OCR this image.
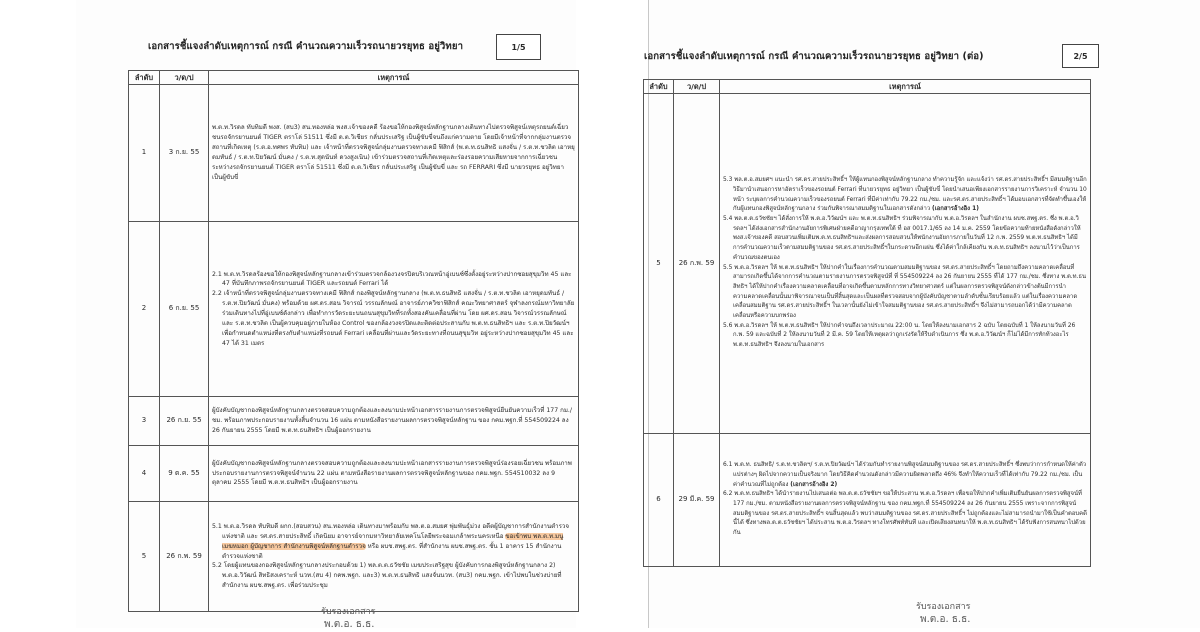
เอกสารชี้แจงลำดับเหตุการณ์ กรณี คำนวณความเร็วรถนายวรยุทธ อยู่วิทยา	1/5
ลำดับ	ว/ด/ป	เหตุการณ์
1	3 ก.ย. 55	พ.ต.ท.วิรดล ทับทิมดี พงส. (สบ3) สน.ทองหล่อ พงส.เจ้าของคดี ร้องขอให้กองพิสูจน์หลักฐานกลางเดินทางไปตรวจพิสูจน์เหตุรถยนต์เฉี่ยวชนรถจักรยานยนต์ TIGER ตราโล่ 51511 ซึ่งมี ด.ต.วิเชียร กลั่นประเสริฐ เป็นผู้ขับขี่จนถึงแก่ความตาย โดยมีเจ้าหน้าที่จากกลุ่มงานตรวจสถานที่เกิดเหตุ (ร.ต.อ.ทศพร ทับทิม) และ เจ้าหน้าที่ตรวจพิสูจน์กลุ่มงานตรวจทางเคมี ฟิสิกส์ (พ.ต.ท.ธนสิทธิ แสงจั่น / ร.ต.ท.ชวลิต เอาหยุดมทันธ์ / ร.ต.ท.ปิยวัฒน์ มั่นคง / ร.ต.ท.สุดนันท์ ดวงสูงเนิน) เข้าร่วมตรวจสถานที่เกิดเหตุและร่องรอยความเสียหายจากการเฉี่ยวชน ระหว่างรถจักรยานยนต์ TIGER ตราโล่ 51511 ซึ่งมี ด.ต.วิเชียร กลั่นประเสริฐ เป็นผู้ขับขี่ และ รถ FERRARI ซึ่งมี นายวรยุทธ อยู่วิทยา เป็นผู้ขับขี่

2	6 ก.ย. 55	2.1 พ.ต.ท.วิรดลร้องขอให้กองพิสูจน์หลักฐานกลางเข้าร่วมตรวจกล้องวงจรปิดบริเวณหน้าอู่เบนซ์ซึ่งตั้งอยู่ระหว่างปากซอยสุขุมวิท 45 และ 47 ที่บันทึกภาพรถจักรยานยนต์ TIGER และรถยนต์ Ferrari ได้

2.2 เจ้าหน้าที่ตรวจพิสูจน์กลุ่มงานตรวจทางเคมี ฟิสิกส์ กองพิสูจน์หลักฐานกลาง (พ.ต.ท.ธนสิทธิ แสงจั่น / ร.ต.ท.ชวลิต เอาหยุดมทันธ์ / ร.ต.ท.ปิยวัฒน์ มั่นคง) พร้อมด้วย ผศ.ดร.สอน วิจารณ์ วรรณลักษณ์ อาจารย์ภาควิชาฟิสิกส์ คณะวิทยาศาสตร์ จุฬาลงกรณ์มหาวิทยาลัย ร่วมเดินทางไปที่อู่เบนซ์ดังกล่าว เพื่อทำการวัดระยะบนถนนสุขุมวิทที่รถทั้งสองคันเคลื่อนที่ผ่าน โดย ผศ.ดร.สอน วิจารณ์วรรณลักษณ์ และ ร.ต.ท.ชวลิต เป็นผู้ควบคุมอยู่ภายในห้อง Control ของกล้องวงจรปิดและติดต่อประสานกับ พ.ต.ท.ธนสิทธิฯ และ ร.ต.ท.ปิยวัฒน์ฯ เพื่อกำหนดตำแหน่งที่ตรงกับตำแหน่งที่รถยนต์ Ferrari เคลื่อนที่ผ่านและวัดระยะทางที่ถนนสุขุมวิท อยู่ระหว่างปากซอยสุขุมวิท 45 และ 47 ได้ 31 เมตร

3	26 ก.ย. 55	ผู้บังคับบัญชากองพิสูจน์หลักฐานกลางตรวจสอบความถูกต้องและลงนามปะหน้าเอกสารรายงานการตรวจพิสูจน์ยืนยันความเร็วที่ 177 กม./ชม. พร้อมภาพประกอบรายงานทั้งสิ้นจำนวน 16 แผ่น ตามหนังสือรายงานผลการตรวจพิสูจน์หลักฐาน ของ กคม.พฐก.ที่ 554509224 ลง 26 กันยายน 2555 โดยมี พ.ต.ท.ธนสิทธิฯ เป็นผู้ออกรายงาน

4	9 ต.ค. 55	ผู้บังคับบัญชากองพิสูจน์หลักฐานกลางตรวจสอบความถูกต้องและลงนามปะหน้าเอกสารรายงานการตรวจพิสูจน์ร่องรอยเฉี่ยวชน พร้อมภาพประกอบรายงานการตรวจพิสูจน์จำนวน 22 แผ่น ตามหนังสือรายงานผลการตรวจพิสูจน์หลักฐานของ กคม.พฐก. 554510032 ลง 9 ตุลาคม 2555 โดยมี พ.ต.ท.ธนสิทธิฯ เป็นผู้ออกรายงาน

5	26 ก.พ. 59	5.1 พ.ต.อ.วิรดล ทับทิมดี ผกก.(สอบสวน) สน.ทองหล่อ เดินทางมาพร้อมกับ พล.ต.อ.สมยศ พุ่มพันธุ์ม่วง อดีตผู้บัญชาการสำนักงานตำรวจแห่งชาติ และ รศ.ดร.สายประสิทธิ์ เกิดนิยม อาจารย์จากมหาวิทยาลัยเทคโนโลยีพระจอมเกล้าพระนครเหนือ ขอเข้าพบ พล.ต.ท.มนู เมฆหมอก ผู้บัญชาการ สำนักงานพิสูจน์หลักฐานตำรวจ หรือ ผบช.สพฐ.ตร. ที่สำนักงาน ผบช.สพฐ.ตร. ชั้น 1 อาคาร 15 สำนักงานตำรวจแห่งชาติ

5.2 โดยผู้แทนของกองพิสูจน์หลักฐานกลางประกอบด้วย 1) พล.ต.ต.ธวัชชัย เมฆประเสริฐสุข ผู้บังคับการกองพิสูจน์หลักฐานกลาง 2) พ.ต.อ.วิวัฒน์ สิทธิสงเคราะห์ นวท.(สบ 4) กคพ.พฐก. และ3) พ.ต.ท.ธนสิทธิ แสงจั่นนวท. (สบ3) กคม.พฐก. เข้าไปพบในช่วงบ่ายที่สำนักงาน ผบช.สพฐ.ตร. เพื่อร่วมประชุม

รับรองเอกสาร
พ.ต.อ. ธ.ธ.
เอกสารชี้แจงลำดับเหตุการณ์ กรณี คำนวณความเร็วรถนายวรยุทธ อยู่วิทยา (ต่อ)	2/5
ลำดับ	ว/ด/ป	เหตุการณ์
5	26 ก.พ. 59	5.3 พล.ต.อ.สมยศฯ แนะนำ รศ.ดร.สายประสิทธิ์ฯ ให้ผู้แทนกองพิสูจน์หลักฐานกลาง ทำความรู้จัก และแจ้งว่า รศ.ดร.สายประสิทธิ์ฯ มีสมมติฐานอีกวิธีมานำเสนอการหาอัตราเร็วของรถยนต์ Ferrari ที่นายวรยุทธ อยู่วิทยา เป็นผู้ขับขี่ โดยนำเสนอเพียงเอกสารรายงานการวิเคราะห์ จำนวน 10 หน้า ระบุผลการคำนวณความเร็วของรถยนต์ Ferrari ที่มีค่าเท่ากับ 79.22 กม./ชม. และรศ.ดร.สายประสิทธิ์ฯ ได้มอบเอกสารที่จัดทำขึ้นเองให้กับผู้แทนกองพิสูจน์หลักฐานกลาง ร่วมกันพิจารณาสมมติฐานในเอกสารดังกล่าว (เอกสารอ้างอิง 1)

5.4 พล.ต.ต.ธวัชชัยฯ ได้สั่งการให้ พ.ต.อ.วิวัฒน์ฯ และ พ.ต.ท.ธนสิทธิฯ ร่วมพิจารณากับ พ.ต.อ.วิรดลฯ ในสำนักงาน ผบช.สพฐ.ตร. ซึ่ง พ.ต.อ.วิรดลฯ ได้ส่งเอกสารสำนักงานอัยการพิเศษฝ่ายคดีอาญากรุงเทพใต้ ที่ อส 0017.1/65 ลง 14 ม.ค. 2559 โดยข้อความท้ายหนังสือดังกล่าวให้ พงส.เจ้าของคดี สอบสวนเพิ่มเติมพ.ต.ท.ธนสิทธิฯและส่งผลการสอบสวนให้พนักงานอัยการภายในวันที่ 12 ก.พ. 2559 พ.ต.ท.ธนสิทธิฯ ได้มีการคำนวณความเร็วตามสมมติฐานของ รศ.ดร.สายประสิทธิ์ฯในกระดาษอีกแผ่น ซึ่งได้ค่าใกล้เคียงกัน พ.ต.ท.ธนสิทธิฯ ลงนามไว้ว่าเป็นการคำนวณของตนเอง

5.5 พ.ต.อ.วิรดลฯ ให้ พ.ต.ท.ธนสิทธิฯ ให้ปากคำในเรื่องการคำนวณตามสมมติฐานของ รศ.ดร.สายประสิทธิ์ฯ โดยถามถึงความคลาดเคลื่อนที่สามารถเกิดขึ้นได้จากการคำนวณตามรายงานการตรวจพิสูจน์ที่ ที่ 554509224 ลง 26 กันยายน 2555 ที่ได้ 177 กม./ชม. ซึ่งทาง พ.ต.ท.ธนสิทธิฯ ได้ให้ปากคำเรื่องความคลาดเคลื่อนที่อาจเกิดขึ้นตามหลักการทางวิทยาศาสตร์ แต่ในผลการตรวจพิสูจน์ดังกล่าวข้างต้นมีการนำความคลาดเคลื่อนนั้นมาพิจารณาจนเป็นที่สิ้นสุดและเป็นผลที่ตรวจสอบจากผู้บังคับบัญชาตามลำดับชั้นเรียบร้อยแล้ว แต่ในเรื่องความคลาดเคลื่อนสมมติฐาน รศ.ดร.สายประสิทธิ์ฯ ในเวลานั้นยังไม่เข้าใจสมมติฐานของ รศ.ดร.สายประสิทธิ์ฯ จึงไม่สามารถบอกได้ว่ามีความคลาดเคลื่อนหรือความบกพร่อง

5.6 พ.ต.อ.วิรดลฯ ให้ พ.ต.ท.ธนสิทธิฯ ให้ปากคำจนถึงเวลาประมาณ 22:00 น. โดยให้ลงนามเอกสาร 2 ฉบับ โดยฉบับที่ 1 ให้ลงนามวันที่ 26 ก.พ. 59 และฉบับที่ 2 ให้ลงนามวันที่ 2 มี.ค. 59 โดยให้เหตุผลว่าถูกเร่งรัดให้รีบดำเนินการ ซึ่ง พ.ต.อ.วิวัฒน์ฯ ก็ไม่ได้มีการทักท้วงอะไร พ.ต.ท.ธนสิทธิฯ จึงลงนามในเอกสาร

6	29 มี.ค. 59	6.1 พ.ต.ท. ธนสิทธิ/ ร.ต.ท.ชวลิตฯ/ ร.ต.ท.ปิยวัฒน์ฯ ได้ร่วมกันทำรายงานพิสูจน์สมมติฐานของ รศ.ดร.สายประสิทธิ์ฯ ซึ่งพบว่าการกำหนดให้ค่าตัวแปรต่างๆ ผิดไปจากความเป็นจริงมาก โดยวิธีคิดคำนวณดังกล่าวมีความผิดพลาดถึง 46% จึงทำให้ความเร็วที่ได้เท่ากับ 79.22 กม./ชม. เป็นค่าคำนวณที่ไม่ถูกต้อง (เอกสารอ้างอิง 2)

6.2 พ.ต.ท.ธนสิทธิฯ ได้นำรายงานไปเสนอต่อ พล.ต.ต.ธวัชชัยฯ ขอให้ประสาน พ.ต.อ.วิรดลฯ เพื่อขอให้ปากคำเพิ่มเติมยืนยันผลการตรวจพิสูจน์ที่ 177 กม./ชม. ตามหนังสือรายงานผลการตรวจพิสูจน์หลักฐาน ของ กคม.พฐก.ที่ 554509224 ลง 26 กันยายน 2555 เพราะจากการพิสูจน์สมมติฐานของ รศ.ดร.สายประสิทธิ์ฯ จนสิ้นสุดแล้ว พบว่าสมมติฐานของ รศ.ดร.สายประสิทธิ์ฯ ไม่ถูกต้องและไม่สามารถนำมาใช้เป็นคำตอบคดีนี้ได้ ซึ่งทางพล.ต.ต.ธวัชชัยฯ ได้ประสาน พ.ต.อ.วิรดลฯ ทางโทรศัพท์ทันที และเปิดเสียงสนทนาให้ พ.ต.ท.ธนสิทธิฯ ได้รับฟังการสนทนาไปด้วยกัน

รับรองเอกสาร
พ.ต.อ. ธ.ธ.
